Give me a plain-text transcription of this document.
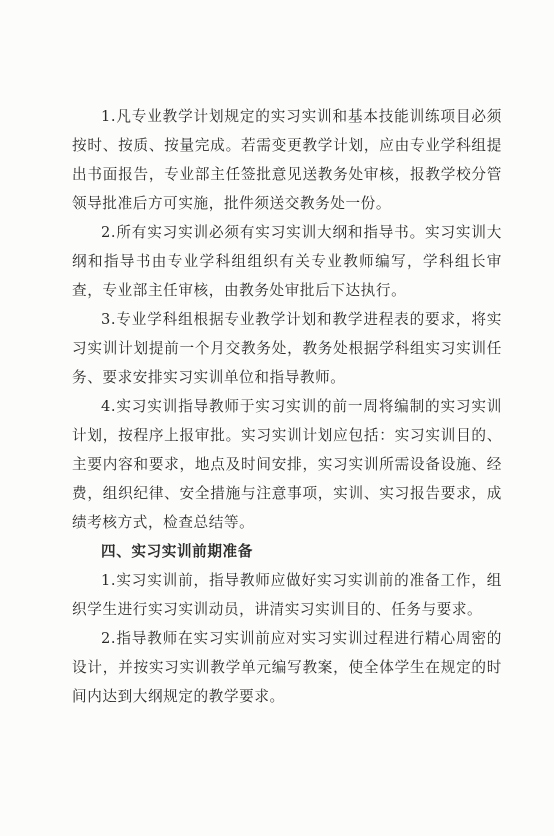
1.凡专业教学计划规定的实习实训和基本技能训练项目必须按时、按质、按量完成。若需变更教学计划，应由专业学科组提出书面报告，专业部主任签批意见送教务处审核，报教学校分管领导批准后方可实施，批件须送交教务处一份。

2.所有实习实训必须有实习实训大纲和指导书。实习实训大纲和指导书由专业学科组组织有关专业教师编写，学科组长审查，专业部主任审核，由教务处审批后下达执行。

3.专业学科组根据专业教学计划和教学进程表的要求，将实习实训计划提前一个月交教务处，教务处根据学科组实习实训任务、要求安排实习实训单位和指导教师。

4.实习实训指导教师于实习实训的前一周将编制的实习实训计划，按程序上报审批。实习实训计划应包括：实习实训目的、主要内容和要求，地点及时间安排，实习实训所需设备设施、经费，组织纪律、安全措施与注意事项，实训、实习报告要求，成绩考核方式，检查总结等。

四、实习实训前期准备

1.实习实训前，指导教师应做好实习实训前的准备工作，组织学生进行实习实训动员，讲清实习实训目的、任务与要求。

2.指导教师在实习实训前应对实习实训过程进行精心周密的设计，并按实习实训教学单元编写教案，使全体学生在规定的时间内达到大纲规定的教学要求。
